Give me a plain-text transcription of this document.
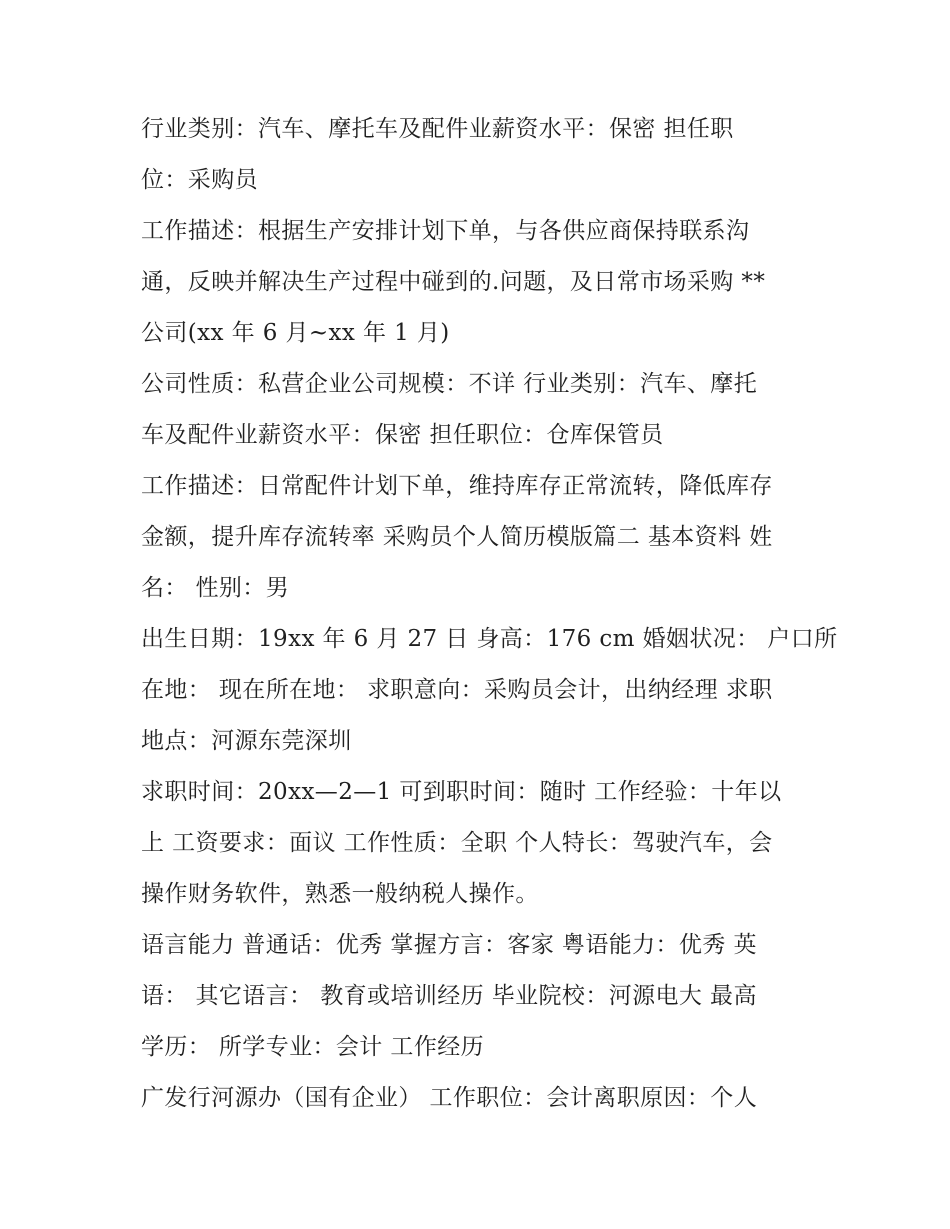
行业类别：汽车、摩托车及配件业薪资水平：保密 担任职
位：采购员
工作描述：根据生产安排计划下单，与各供应商保持联系沟
通，反映并解决生产过程中碰到的.问题，及日常市场采购 **
公司(xx 年 6 月~xx 年 1 月)
公司性质：私营企业公司规模：不详 行业类别：汽车、摩托
车及配件业薪资水平：保密 担任职位：仓库保管员
工作描述：日常配件计划下单，维持库存正常流转，降低库存
金额，提升库存流转率 采购员个人简历模版篇二 基本资料 姓
名： 性别：男
出生日期：19xx 年 6 月 27 日 身高：176 cm 婚姻状况： 户口所
在地： 现在所在地： 求职意向：采购员会计，出纳经理 求职
地点：河源东莞深圳
求职时间：20xx—2—1 可到职时间：随时 工作经验：十年以
上 工资要求：面议 工作性质：全职 个人特长：驾驶汽车，会
操作财务软件，熟悉一般纳税人操作。
语言能力 普通话：优秀 掌握方言：客家 粤语能力：优秀 英
语： 其它语言： 教育或培训经历 毕业院校：河源电大 最高
学历： 所学专业：会计 工作经历
广发行河源办（国有企业） 工作职位：会计离职原因：个人
